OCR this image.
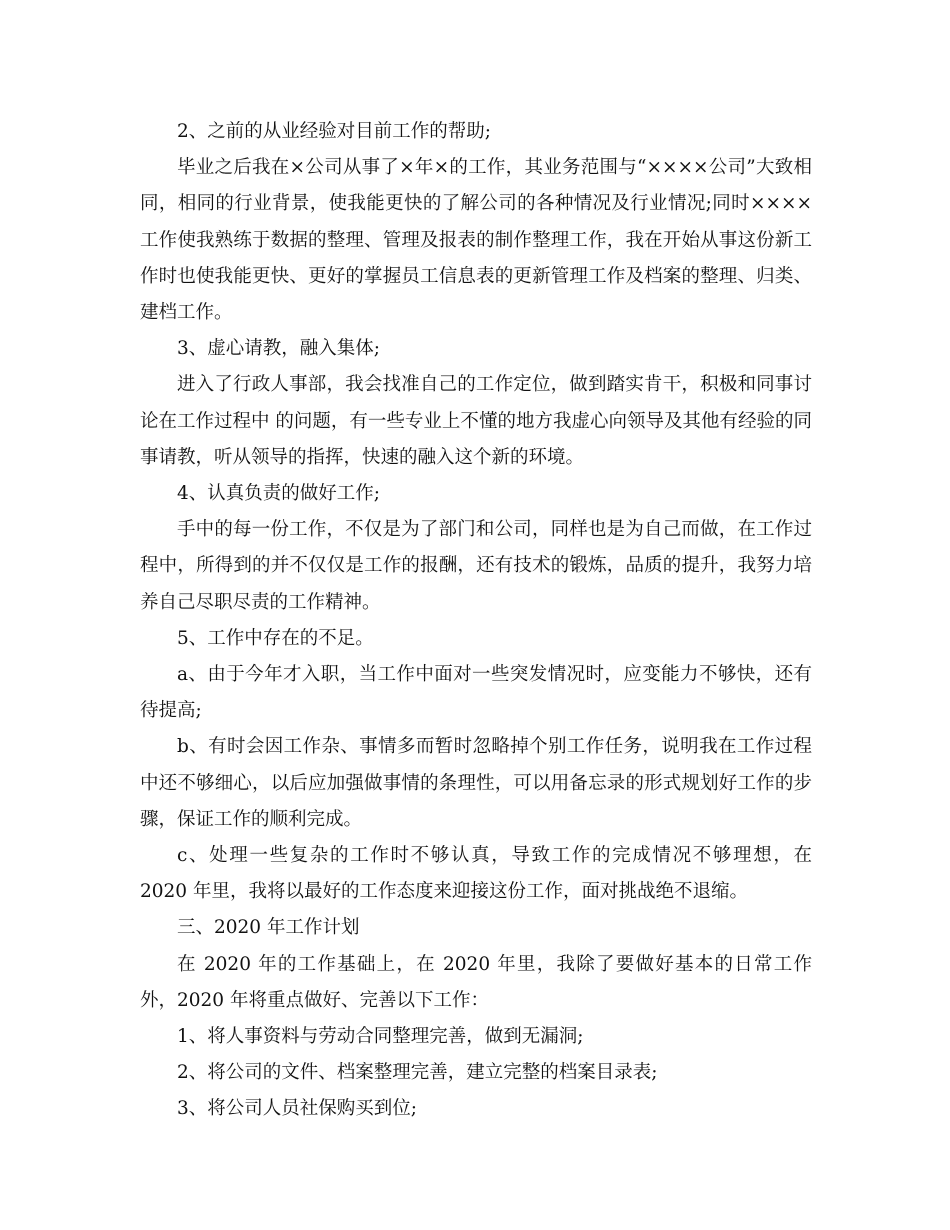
2、之前的从业经验对目前工作的帮助;

毕业之后我在×公司从事了×年×的工作，其业务范围与“××××公司”大致相同，相同的行业背景，使我能更快的了解公司的各种情况及行业情况;同时××××工作使我熟练于数据的整理、管理及报表的制作整理工作，我在开始从事这份新工作时也使我能更快、更好的掌握员工信息表的更新管理工作及档案的整理、归类、建档工作。

3、虚心请教，融入集体;

进入了行政人事部，我会找准自己的工作定位，做到踏实肯干，积极和同事讨论在工作过程中 的问题，有一些专业上不懂的地方我虚心向领导及其他有经验的同事请教，听从领导的指挥，快速的融入这个新的环境。

4、认真负责的做好工作;

手中的每一份工作，不仅是为了部门和公司，同样也是为自己而做，在工作过程中，所得到的并不仅仅是工作的报酬，还有技术的锻炼，品质的提升，我努力培养自己尽职尽责的工作精神。

5、工作中存在的不足。

a、由于今年才入职，当工作中面对一些突发情况时，应变能力不够快，还有待提高;

b、有时会因工作杂、事情多而暂时忽略掉个别工作任务，说明我在工作过程中还不够细心，以后应加强做事情的条理性，可以用备忘录的形式规划好工作的步骤，保证工作的顺利完成。

c、处理一些复杂的工作时不够认真，导致工作的完成情况不够理想，在 2020 年里，我将以最好的工作态度来迎接这份工作，面对挑战绝不退缩。

三、2020 年工作计划

在 2020 年的工作基础上，在 2020 年里，我除了要做好基本的日常工作外，2020 年将重点做好、完善以下工作：

1、将人事资料与劳动合同整理完善，做到无漏洞;

2、将公司的文件、档案整理完善，建立完整的档案目录表;

3、将公司人员社保购买到位;
